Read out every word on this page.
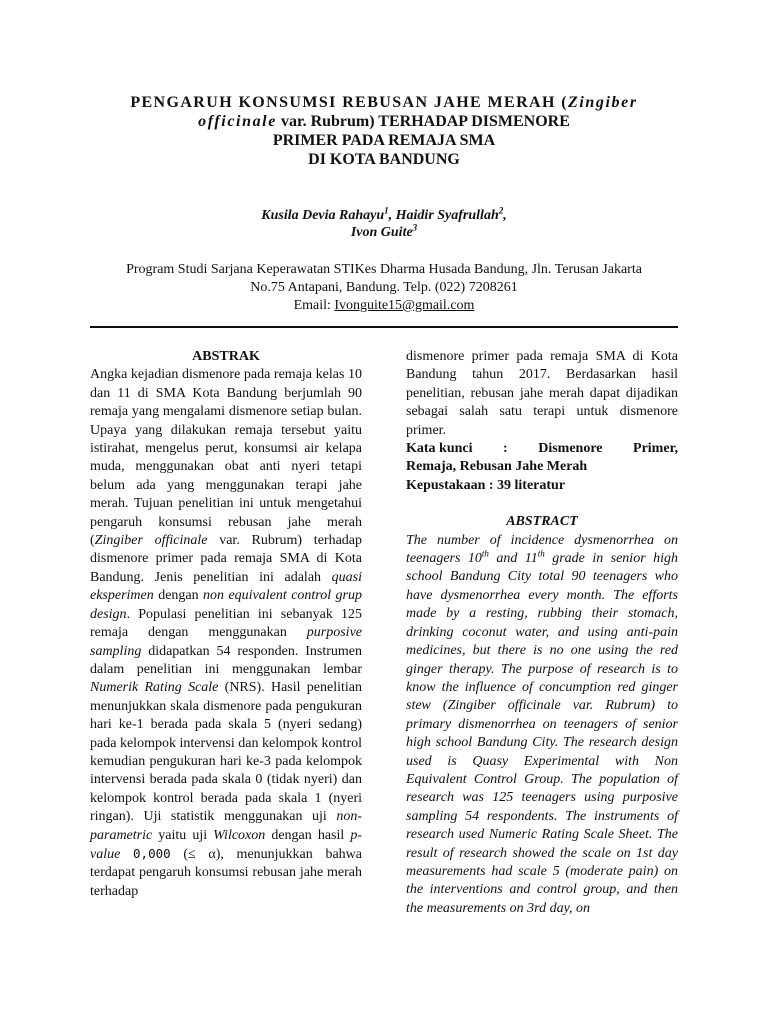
PENGARUH KONSUMSI REBUSAN JAHE MERAH (Zingiber officinale var. Rubrum) TERHADAP DISMENORE
PRIMER PADA REMAJA SMA
DI KOTA BANDUNG
Kusila Devia Rahayu$^1$, Haidir Syafrullah$^2$,
Ivon Guite$^3$
Program Studi Sarjana Keperawatan STIKes Dharma Husada Bandung, Jln. Terusan Jakarta
No.75 Antapani, Bandung. Telp. (022) 7208261
Email: Ivonguite15@gmail.com

ABSTRAK

Angka kejadian dismenore pada remaja kelas 10 dan 11 di SMA Kota Bandung berjumlah 90 remaja yang mengalami dismenore setiap bulan. Upaya yang dilakukan remaja tersebut yaitu istirahat, mengelus perut, konsumsi air kelapa muda, menggunakan obat anti nyeri tetapi belum ada yang menggunakan terapi jahe merah. Tujuan penelitian ini untuk mengetahui pengaruh konsumsi rebusan jahe merah (Zingiber officinale var. Rubrum) terhadap dismenore primer pada remaja SMA di Kota Bandung. Jenis penelitian ini adalah quasi eksperimen dengan non equivalent control grup design. Populasi penelitian ini sebanyak 125 remaja dengan menggunakan purposive sampling didapatkan 54 responden. Instrumen dalam penelitian ini menggunakan lembar Numerik Rating Scale (NRS). Hasil penelitian menunjukkan skala dismenore pada pengukuran hari ke-1 berada pada skala 5 (nyeri sedang) pada kelompok intervensi dan kelompok kontrol kemudian pengukuran hari ke-3 pada kelompok intervensi berada pada skala 0 (tidak nyeri) dan kelompok kontrol berada pada skala 1 (nyeri ringan). Uji statistik menggunakan uji non-parametric yaitu uji Wilcoxon dengan hasil p-value 0,000 (≤ α), menunjukkan bahwa terdapat pengaruh konsumsi rebusan jahe merah terhadap

dismenore primer pada remaja SMA di Kota Bandung tahun 2017. Berdasarkan hasil penelitian, rebusan jahe merah dapat dijadikan sebagai salah satu terapi untuk dismenore primer.

Kata kunci : Dismenore Primer,

Remaja, Rebusan Jahe Merah

Kepustakaan : 39 literatur

ABSTRACT

The number of incidence dysmenorrhea on teenagers 10th and 11th grade in senior high school Bandung City total 90 teenagers who have dysmenorrhea every month. The efforts made by a resting, rubbing their stomach, drinking coconut water, and using anti-pain medicines, but there is no one using the red ginger therapy. The purpose of research is to know the influence of concumption red ginger stew (Zingiber officinale var. Rubrum) to primary dismenorrhea on teenagers of senior high school Bandung City. The research design used is Quasy Experimental with Non Equivalent Control Group. The population of research was 125 teenagers using purposive sampling 54 respondents. The instruments of research used Numeric Rating Scale Sheet. The result of research showed the scale on 1st day measurements had scale 5 (moderate pain) on the interventions and control group, and then the measurements on 3rd day, on
